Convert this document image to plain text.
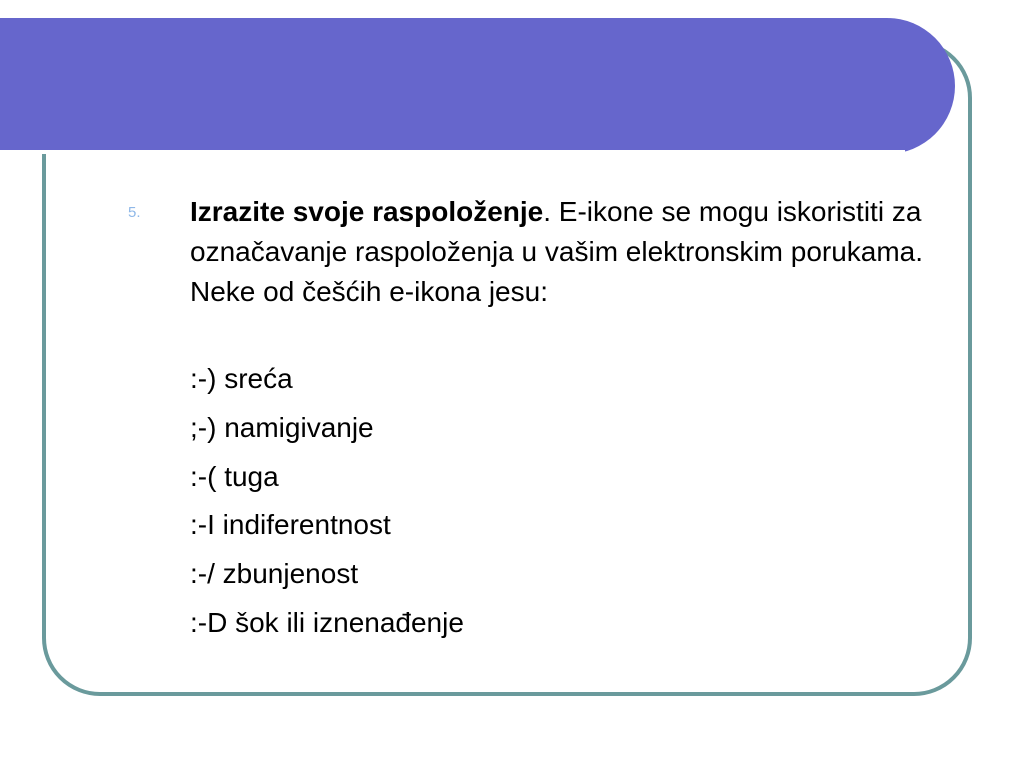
5. Izrazite svoje raspoloženje. E-ikone se mogu iskoristiti za označavanje raspoloženja u vašim elektronskim porukama. Neke od češćih e-ikona jesu:
:-) sreća
;-) namigivanje
:-( tuga
:-I indiferentnost
:-/ zbunjenost
:-D šok ili iznenađenje
